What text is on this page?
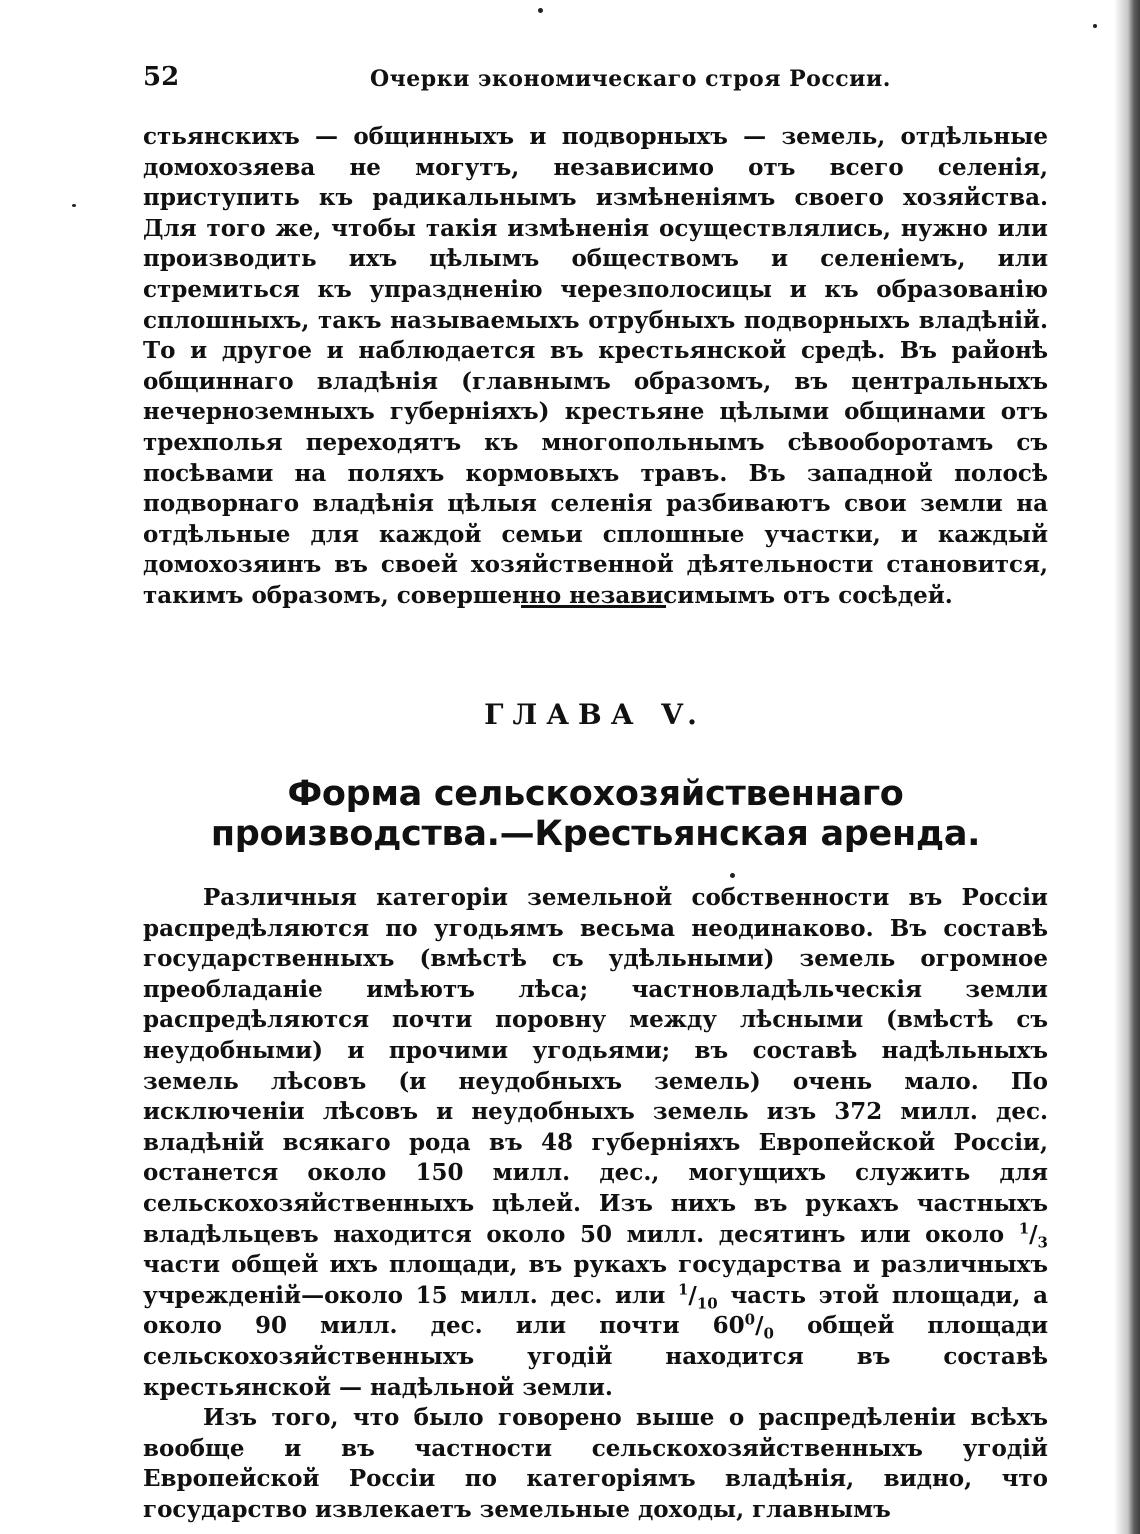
52	Очерки экономическаго строя России.

стьянскихъ — общинныхъ и подворныхъ — земель, отдѣльные домохозяева не могутъ, независимо отъ всего селенія, приступить къ радикальнымъ измѣненіямъ своего хозяйства. Для того же, чтобы такія измѣненія осуществлялись, нужно или производить ихъ цѣлымъ обществомъ и селеніемъ, или стремиться къ упраздненію черезполосицы и къ образованію сплошныхъ, такъ называемыхъ отрубныхъ подворныхъ владѣній. То и другое и наблюдается въ крестьянской средѣ. Въ районѣ общиннаго владѣнія (главнымъ образомъ, въ центральныхъ нечерноземныхъ губерніяхъ) крестьяне цѣлыми общинами отъ трехполья переходятъ къ многопольнымъ сѣвооборотамъ съ посѣвами на поляхъ кормовыхъ травъ. Въ западной полосѣ подворнаго владѣнія цѣлыя селенія разбиваютъ свои земли на отдѣльные для каждой семьи сплошные участки, и каждый домохозяинъ въ своей хозяйственной дѣятельности становится, такимъ образомъ, совершенно независимымъ отъ сосѣдей.

ГЛАВА V.
Форма сельскохозяйственнаго производства.—Крестьянская аренда.

Различныя категоріи земельной собственности въ Россіи распредѣляются по угодьямъ весьма неодинаково. Въ составѣ государственныхъ (вмѣстѣ съ удѣльными) земель огромное преобладаніе имѣютъ лѣса; частновладѣльческія земли распредѣляются почти поровну между лѣсными (вмѣстѣ съ неудобными) и прочими угодьями; въ составѣ надѣльныхъ земель лѣсовъ (и неудобныхъ земель) очень мало. По исключеніи лѣсовъ и неудобныхъ земель изъ 372 милл. дес. владѣній всякаго рода въ 48 губерніяхъ Европейской Россіи, останется около 150 милл. дес., могущихъ служить для сельскохозяйственныхъ цѣлей. Изъ нихъ въ рукахъ частныхъ владѣльцевъ находится около 50 милл. десятинъ или около $^1/_3$ части общей ихъ площади, въ рукахъ государства и различныхъ учрежденій—около 15 милл. дес. или $^1/_{10}$ часть этой площади, а около 90 милл. дес. или почти $60^0/_0$ общей площади сельскохозяйственныхъ угодій находится въ составѣ крестьянской — надѣльной земли.

Изъ того, что было говорено выше о распредѣленіи всѣхъ вообще и въ частности сельскохозяйственныхъ угодій Европейской Россіи по категоріямъ владѣнія, видно, что государство извлекаетъ земельные доходы, главнымъ
